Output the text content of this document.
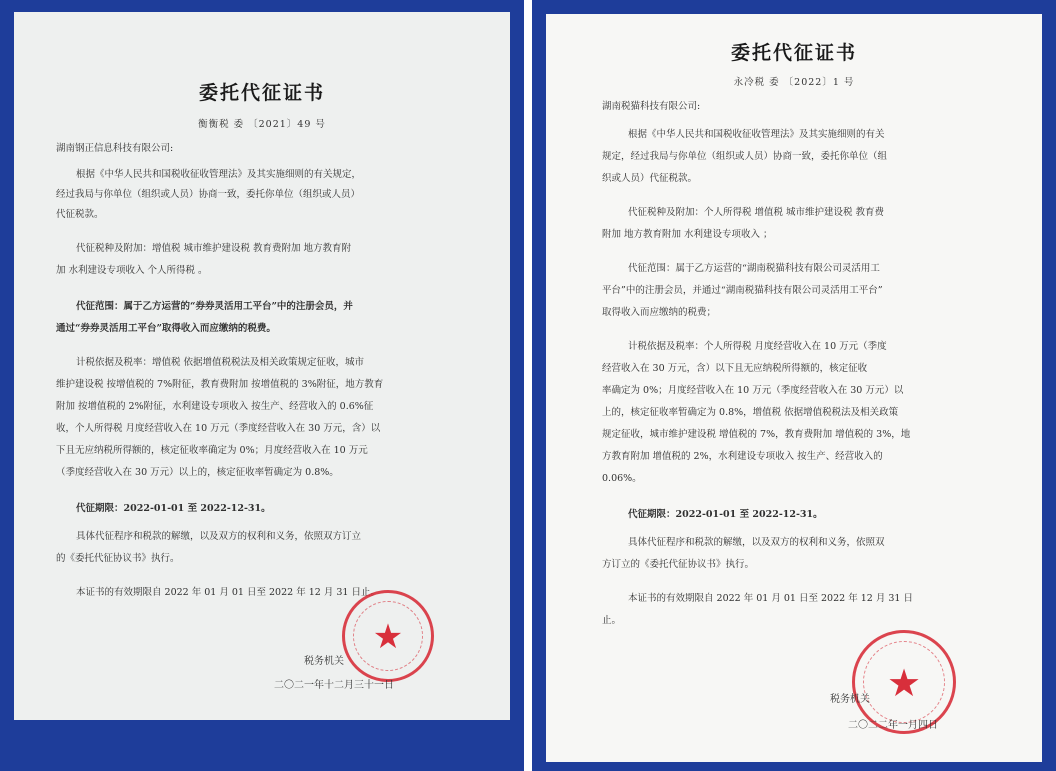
委托代征证书
衡衡税 委 〔2021〕49 号
湖南钢正信息科技有限公司:
根据《中华人民共和国税收征收管理法》及其实施细则的有关规定，
经过我局与你单位（组织或人员）协商一致，委托你单位（组织或人员）
代征税款。
代征税种及附加：增值税 城市维护建设税 教育费附加 地方教育附
加 水利建设专项收入 个人所得税 。
代征范围：属于乙方运营的“券券灵活用工平台”中的注册会员，并
通过“券券灵活用工平台”取得收入而应缴纳的税费。
计税依据及税率：增值税 依据增值税税法及相关政策规定征收，城市
维护建设税 按增值税的 7%附征，教育费附加 按增值税的 3%附征，地方教育
附加 按增值税的 2%附征，水利建设专项收入 按生产、经营收入的 0.6%征
收，个人所得税 月度经营收入在 10 万元（季度经营收入在 30 万元，含）以
下且无应纳税所得额的，核定征收率确定为 0%；月度经营收入在 10 万元
（季度经营收入在 30 万元）以上的，核定征收率暂确定为 0.8%。
代征期限：2022-01-01 至 2022-12-31。
具体代征程序和税款的解缴，以及双方的权利和义务，依照双方订立
的《委托代征协议书》执行。
本证书的有效期限自 2022 年 01 月 01 日至 2022 年 12 月 31 日止。
★
税务机关
二〇二一年十二月三十一日
委托代征证书
永冷税 委 〔2022〕1 号
湖南税猫科技有限公司:
根据《中华人民共和国税收征收管理法》及其实施细则的有关
规定，经过我局与你单位（组织或人员）协商一致，委托你单位（组
织或人员）代征税款。
代征税种及附加：个人所得税 增值税 城市维护建设税 教育费
附加 地方教育附加 水利建设专项收入 ；
代征范围：属于乙方运营的“湖南税猫科技有限公司灵活用工
平台”中的注册会员，并通过“湖南税猫科技有限公司灵活用工平台”
取得收入而应缴纳的税费；
计税依据及税率：个人所得税 月度经营收入在 10 万元（季度
经营收入在 30 万元，含）以下且无应纳税所得额的，核定征收
率确定为 0%；月度经营收入在 10 万元（季度经营收入在 30 万元）以
上的，核定征收率暂确定为 0.8%，增值税 依据增值税税法及相关政策
规定征收，城市维护建设税 增值税的 7%，教育费附加 增值税的 3%，地
方教育附加 增值税的 2%，水利建设专项收入 按生产、经营收入的
0.06%。
代征期限：2022-01-01 至 2022-12-31。
具体代征程序和税款的解缴，以及双方的权利和义务，依照双
方订立的《委托代征协议书》执行。
本证书的有效期限自 2022 年 01 月 01 日至 2022 年 12 月 31 日
止。
★
税务机关
二〇二二年一月四日
